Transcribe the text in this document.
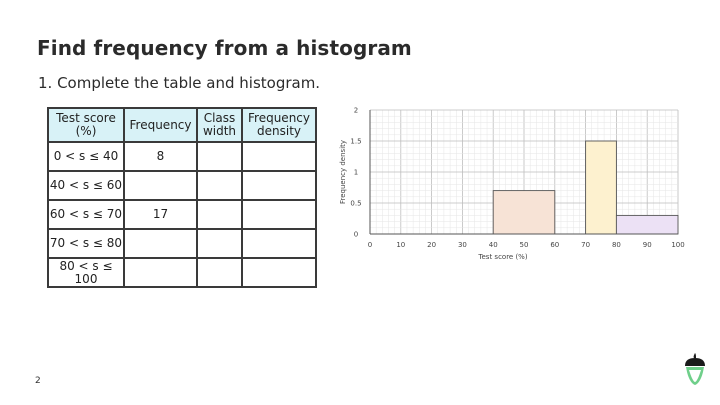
Find frequency from a histogram
1. Complete the table and histogram.
Test score (%)	Frequency	Class width	Frequency density
0 < s ≤ 40	8		
40 < s ≤ 60			
60 < s ≤ 70	17		
70 < s ≤ 80			
80 < s ≤ 100			
0	10	20	30	40	50	60	70	80	90	100
0
0.5
1
1.5
2
Test score (%)
Frequency density
2
